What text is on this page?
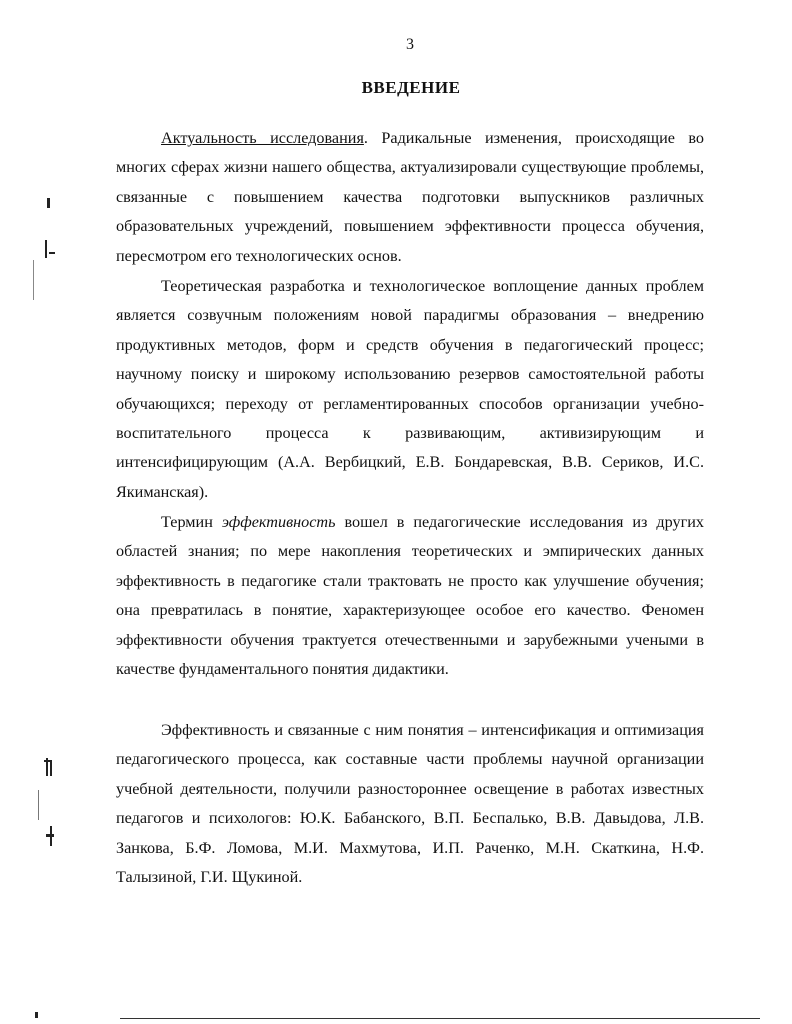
3
ВВЕДЕНИЕ

Актуальность исследования. Радикальные изменения, происходящие во многих сферах жизни нашего общества, актуализировали существующие проблемы, связанные с повышением качества подготовки выпускников различных образовательных учреждений, повышением эффективности процесса обучения, пересмотром его технологических основ.

Теоретическая разработка и технологическое воплощение данных проблем является созвучным положениям новой парадигмы образования – внедрению продуктивных методов, форм и средств обучения в педагогический процесс; научному поиску и широкому использованию резервов самостоятельной работы обучающихся; переходу от регламентированных способов организации учебно-воспитательного процесса к развивающим, активизирующим и интенсифицирующим (А.А. Вербицкий, Е.В. Бондаревская, В.В. Сериков, И.С. Якиманская).

Термин эффективность вошел в педагогические исследования из других областей знания; по мере накопления теоретических и эмпирических данных эффективность в педагогике стали трактовать не просто как улучшение обучения; она превратилась в понятие, характеризующее особое его качество. Феномен эффективности обучения трактуется отечественными и зарубежными учеными в качестве фундаментального понятия дидактики.

Эффективность и связанные с ним понятия – интенсификация и оптимизация педагогического процесса, как составные части проблемы научной организации учебной деятельности, получили разностороннее освещение в работах известных педагогов и психологов: Ю.К. Бабанского, В.П. Беспалько, В.В. Давыдова, Л.В. Занкова, Б.Ф. Ломова, М.И. Махмутова, И.П. Раченко, М.Н. Скаткина, Н.Ф. Талызиной, Г.И. Щукиной.
